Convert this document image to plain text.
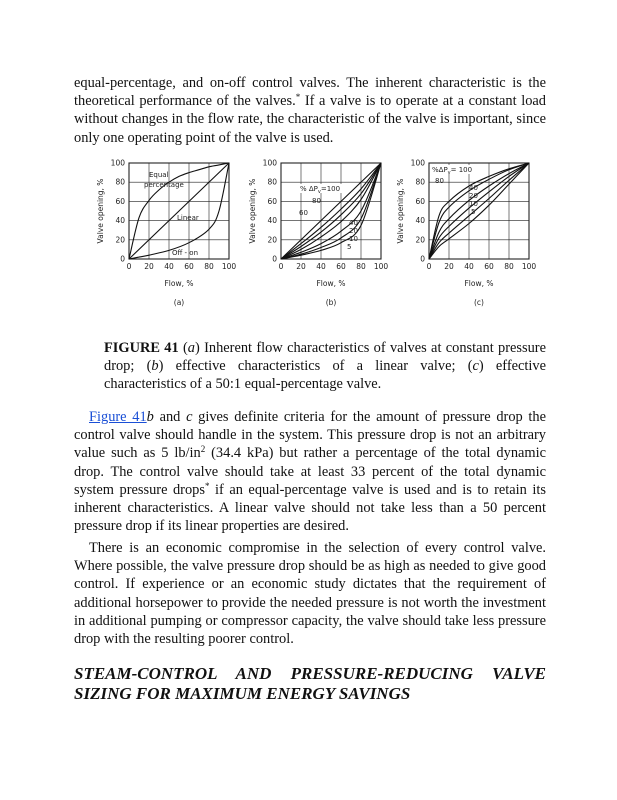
equal-percentage, and on-off control valves. The inherent characteristic is the theoretical performance of the valves.* If a valve is to operate at a constant load without changes in the flow rate, the characteristic of the valve is important, since only one operating point of the valve is used.

0 20 40 60 80 100
0
20
40
60
80
100
Valve opening, %
Flow, %
(a)
Equal
percentage
Linear
Off - on
0 20 40 60 80 100
0
20
40
60
80
100
Valve opening, %
Flow, %
(b)
% $\Delta P_v=100$
80
60
40
20
10
5
0 20 40 60 80 100
0
20
40
60
80
100
Valve opening, %
Flow, %
(c)
$\%\Delta P_v= 100$
80
40
20
10
5

FIGURE 41 (a) Inherent flow characteristics of valves at constant pressure drop; (b) effective characteristics of a linear valve; (c) effective characteristics of a 50:1 equal-percentage valve.

Figure 41b and c gives definite criteria for the amount of pressure drop the control valve should handle in the system. This pressure drop is not an arbitrary value such as 5 $lb/in^2$ (34.4 kPa) but rather a percentage of the total dynamic drop. The control valve should take at least 33 percent of the total dynamic system pressure drops* if an equal-percentage valve is used and is to retain its inherent characteristics. A linear valve should not take less than a 50 percent pressure drop if its linear properties are desired.

There is an economic compromise in the selection of every control valve. Where possible, the valve pressure drop should be as high as needed to give good control. If experience or an economic study dictates that the requirement of additional horsepower to provide the needed pressure is not worth the investment in additional pumping or compressor capacity, the valve should take less pressure drop with the resulting poorer control.

STEAM-CONTROL AND PRESSURE-REDUCING VALVE SIZING FOR MAXIMUM ENERGY SAVINGS
